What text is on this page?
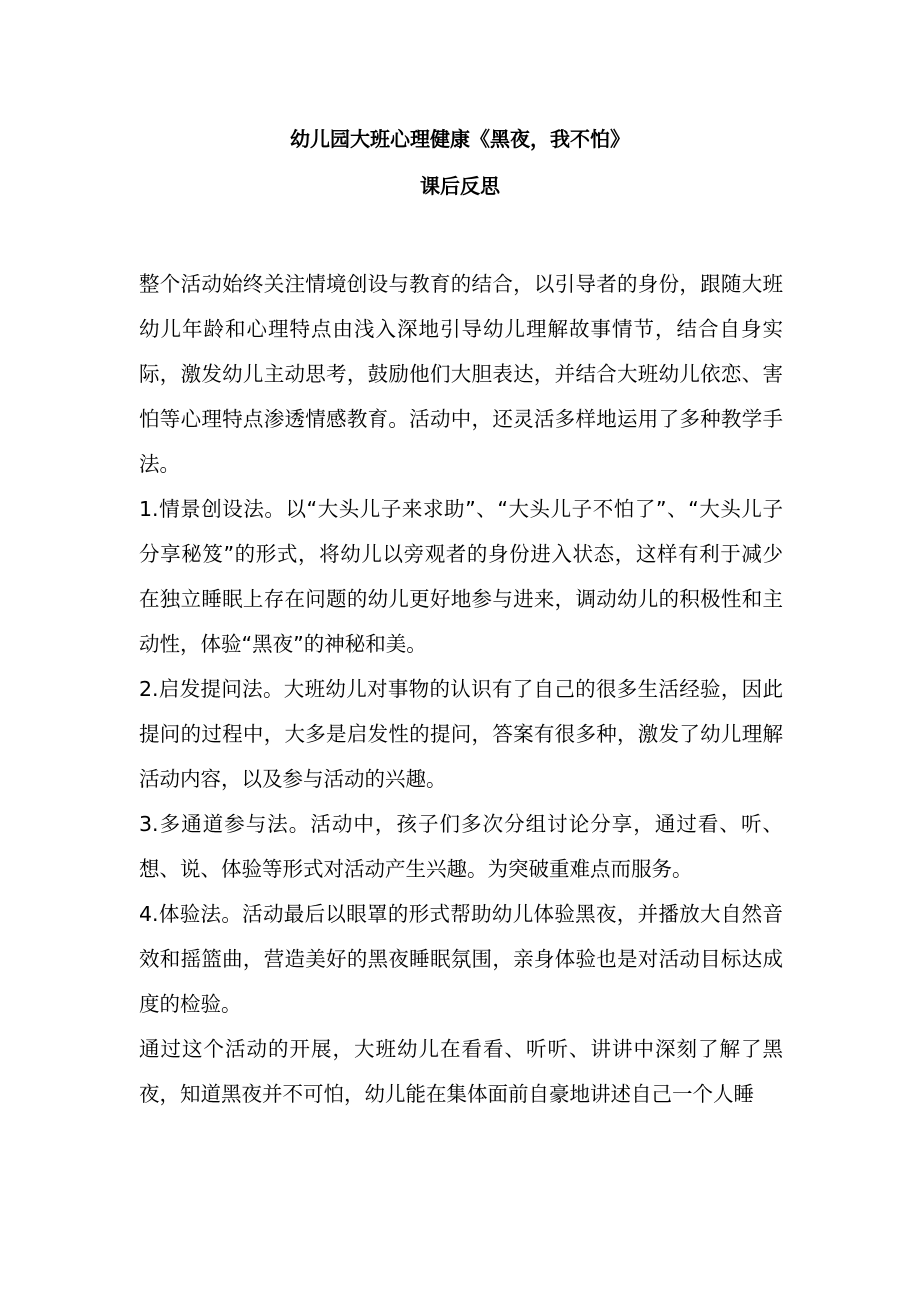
幼儿园大班心理健康《黑夜，我不怕》
课后反思

整个活动始终关注情境创设与教育的结合，以引导者的身份，跟随大班幼儿年龄和心理特点由浅入深地引导幼儿理解故事情节，结合自身实际，激发幼儿主动思考，鼓励他们大胆表达，并结合大班幼儿依恋、害怕等心理特点渗透情感教育。活动中，还灵活多样地运用了多种教学手法。

1.情景创设法。以“大头儿子来求助”、“大头儿子不怕了”、“大头儿子分享秘笈”的形式，将幼儿以旁观者的身份进入状态，这样有利于减少在独立睡眠上存在问题的幼儿更好地参与进来，调动幼儿的积极性和主动性，体验“黑夜”的神秘和美。

2.启发提问法。大班幼儿对事物的认识有了自己的很多生活经验，因此提问的过程中，大多是启发性的提问，答案有很多种，激发了幼儿理解活动内容，以及参与活动的兴趣。

3.多通道参与法。活动中，孩子们多次分组讨论分享，通过看、听、想、说、体验等形式对活动产生兴趣。为突破重难点而服务。

4.体验法。活动最后以眼罩的形式帮助幼儿体验黑夜，并播放大自然音效和摇篮曲，营造美好的黑夜睡眠氛围，亲身体验也是对活动目标达成度的检验。

通过这个活动的开展，大班幼儿在看看、听听、讲讲中深刻了解了黑夜，知道黑夜并不可怕，幼儿能在集体面前自豪地讲述自己一个人睡
